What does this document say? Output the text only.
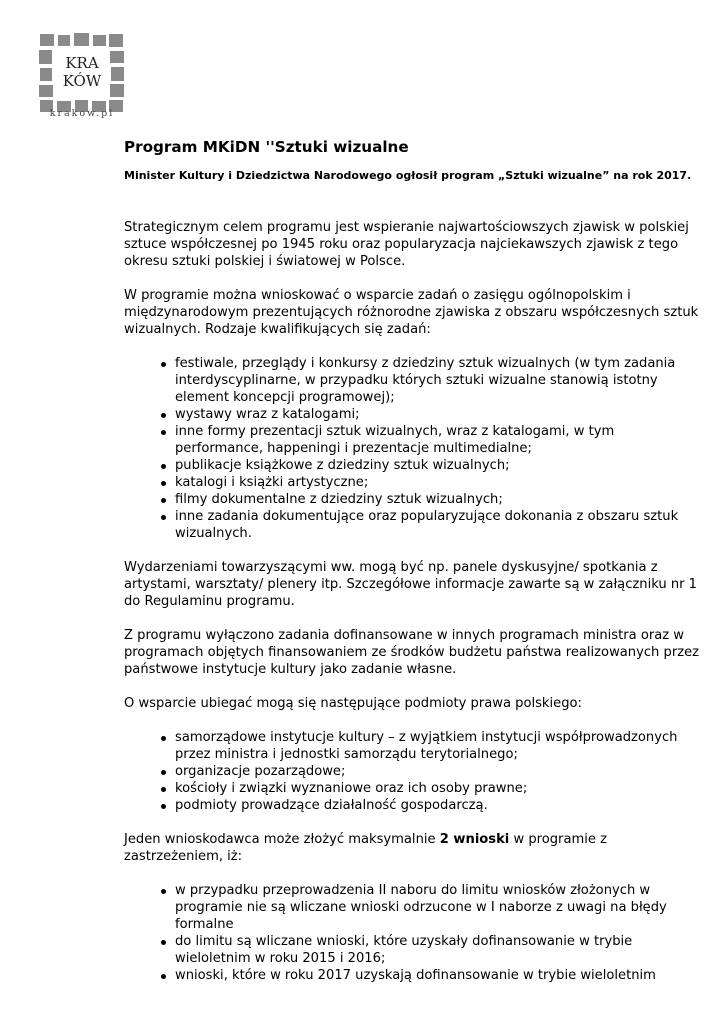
KRA
KÓW
krakow.pl
Program MKiDN ''Sztuki wizualne

Minister Kultury i Dziedzictwa Narodowego ogłosił program „Sztuki wizualne” na rok 2017.

Strategicznym celem programu jest wspieranie najwartościowszych zjawisk w polskiej sztuce współczesnej po 1945 roku oraz popularyzacja najciekawszych zjawisk z tego okresu sztuki polskiej i światowej w Polsce.

W programie można wnioskować o wsparcie zadań o zasięgu ogólnopolskim i międzynarodowym prezentujących różnorodne zjawiska z obszaru współczesnych sztuk wizualnych. Rodzaje kwalifikujących się zadań:

festiwale, przeglądy i konkursy z dziedziny sztuk wizualnych (w tym zadania interdyscyplinarne, w przypadku których sztuki wizualne stanowią istotny element koncepcji programowej);
wystawy wraz z katalogami;
inne formy prezentacji sztuk wizualnych, wraz z katalogami, w tym performance, happeningi i prezentacje multimedialne;
publikacje książkowe z dziedziny sztuk wizualnych;
katalogi i książki artystyczne;
filmy dokumentalne z dziedziny sztuk wizualnych;
inne zadania dokumentujące oraz popularyzujące dokonania z obszaru sztuk wizualnych.

Wydarzeniami towarzyszącymi ww. mogą być np. panele dyskusyjne/ spotkania z artystami, warsztaty/ plenery itp. Szczegółowe informacje zawarte są w załączniku nr 1 do Regulaminu programu.

Z programu wyłączono zadania dofinansowane w innych programach ministra oraz w programach objętych finansowaniem ze środków budżetu państwa realizowanych przez państwowe instytucje kultury jako zadanie własne.

O wsparcie ubiegać mogą się następujące podmioty prawa polskiego:

samorządowe instytucje kultury – z wyjątkiem instytucji współprowadzonych przez ministra i jednostki samorządu terytorialnego;
organizacje pozarządowe;
kościoły i związki wyznaniowe oraz ich osoby prawne;
podmioty prowadzące działalność gospodarczą.

Jeden wnioskodawca może złożyć maksymalnie 2 wnioski w programie z zastrzeżeniem, iż:

w przypadku przeprowadzenia II naboru do limitu wniosków złożonych w programie nie są wliczane wnioski odrzucone w I naborze z uwagi na błędy formalne
do limitu są wliczane wnioski, które uzyskały dofinansowanie w trybie wieloletnim w roku 2015 i 2016;
wnioski, które w roku 2017 uzyskają dofinansowanie w trybie wieloletnim
